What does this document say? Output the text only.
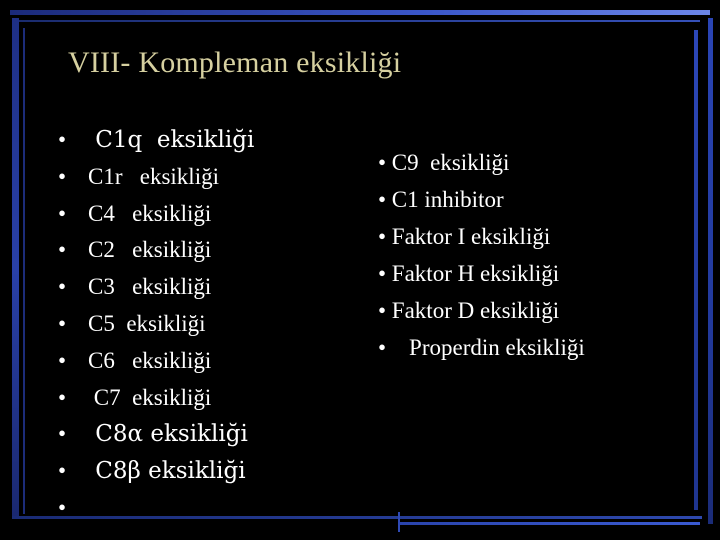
VIII- Kompleman eksikliği
• C1q  eksikliği
• C1r   eksikliği
• C4   eksikliği
• C2   eksikliği
• C3   eksikliği
• C5  eksikliği
• C6   eksikliği
• C7  eksikliği
• C8α eksikliği
• C8β eksikliği
•
• C9  eksikliği
• C1 inhibitor
• Faktor I eksikliği
• Faktor H eksikliği
• Faktor D eksikliği
•    Properdin eksikliği
